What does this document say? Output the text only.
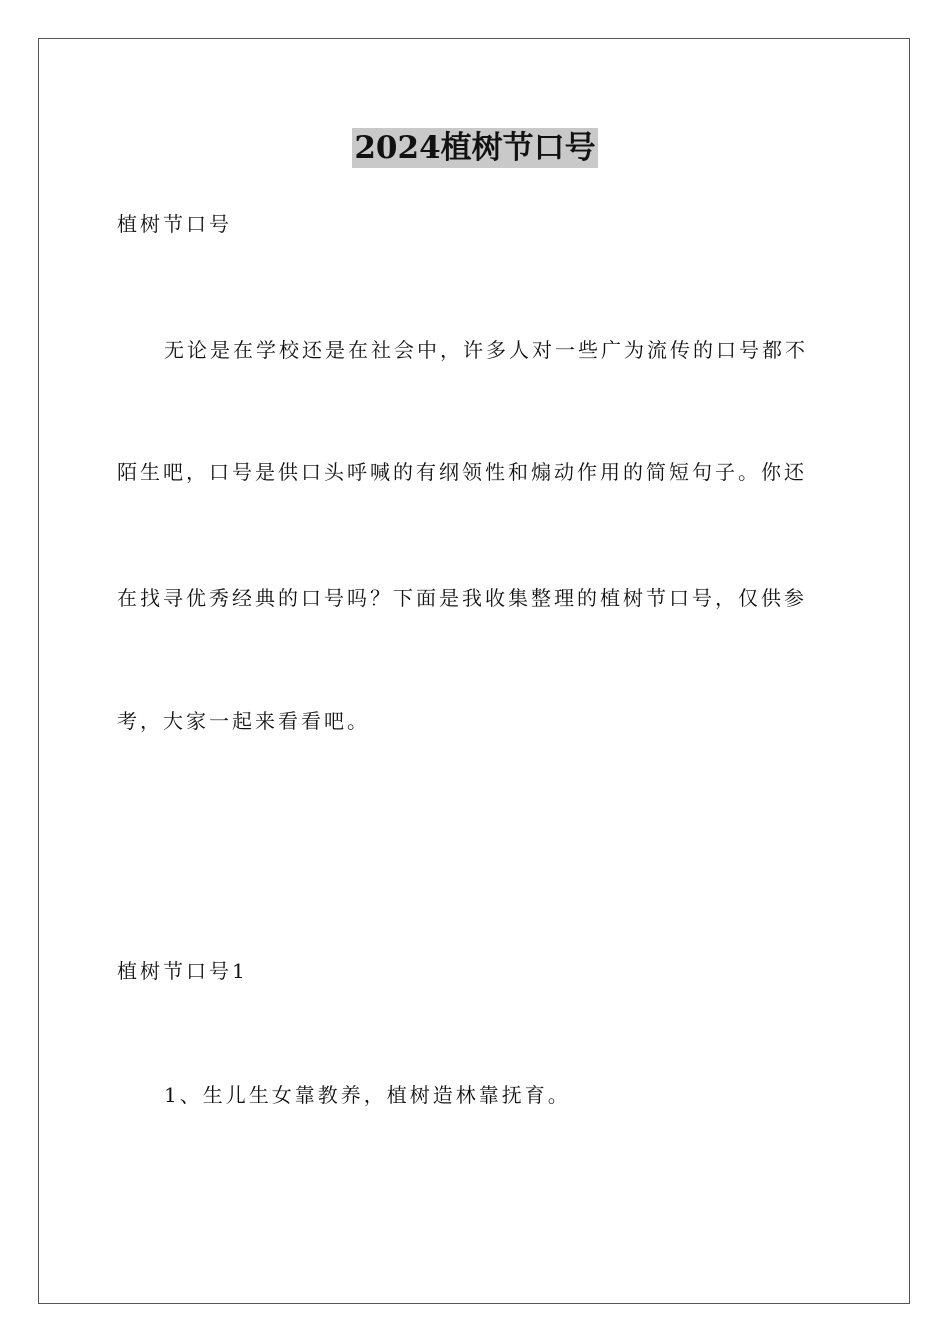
2024植树节口号
植树节口号
无论是在学校还是在社会中，许多人对一些广为流传的口号都不
陌生吧，口号是供口头呼喊的有纲领性和煽动作用的简短句子。你还
在找寻优秀经典的口号吗？下面是我收集整理的植树节口号，仅供参
考，大家一起来看看吧。
植树节口号1
1、生儿生女靠教养，植树造林靠抚育。
